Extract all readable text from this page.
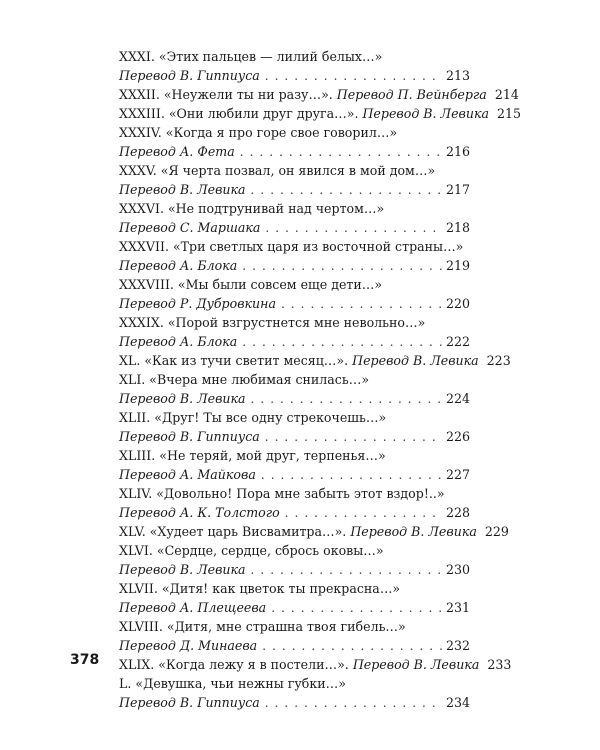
XXXI. «Этих пальцев — лилий белых…»
Перевод В. Гиппиуса . . .	213
XXXII. «Неужели ты ни разу…». Перевод П. Вейнберга 214
XXXIII. «Они любили друг друга…». Перевод В. Левика 215
XXXIV. «Когда я про горе свое говорил…»
Перевод А. Фета . . .	216
XXXV. «Я черта позвал, он явился в мой дом…»
Перевод В. Левика . . .	217
XXXVI. «Не подтрунивай над чертом…»
Перевод С. Маршака . . .	218
XXXVII. «Три светлых царя из восточной страны…»
Перевод А. Блока . . .	219
XXXVIII. «Мы были совсем еще дети…»
Перевод Р. Дубровкина . . .	220
XXXIX. «Порой взгрустнется мне невольно…»
Перевод А. Блока . . .	222
XL. «Как из тучи светит месяц…». Перевод В. Левика 223
XLI. «Вчера мне любимая снилась…»
Перевод В. Левика . . .	224
XLII. «Друг! Ты все одну стрекочешь…»
Перевод В. Гиппиуса . . .	226
XLIII. «Не теряй, мой друг, терпенья…»
Перевод А. Майкова . . .	227
XLIV. «Довольно! Пора мне забыть этот вздор!..»
Перевод А. К. Толстого . . .	228
XLV. «Худеет царь Висвамитра…». Перевод В. Левика 229
XLVI. «Сердце, сердце, сбрось оковы…»
Перевод В. Левика . . .	230
XLVII. «Дитя! как цветок ты прекрасна…»
Перевод А. Плещеева . . .	231
XLVIII. «Дитя, мне страшна твоя гибель…»
Перевод Д. Минаева . . .	232
XLIX. «Когда лежу я в постели…». Перевод В. Левика 233
L. «Девушка, чьи нежны губки…»
Перевод В. Гиппиуса . . .	234
378
